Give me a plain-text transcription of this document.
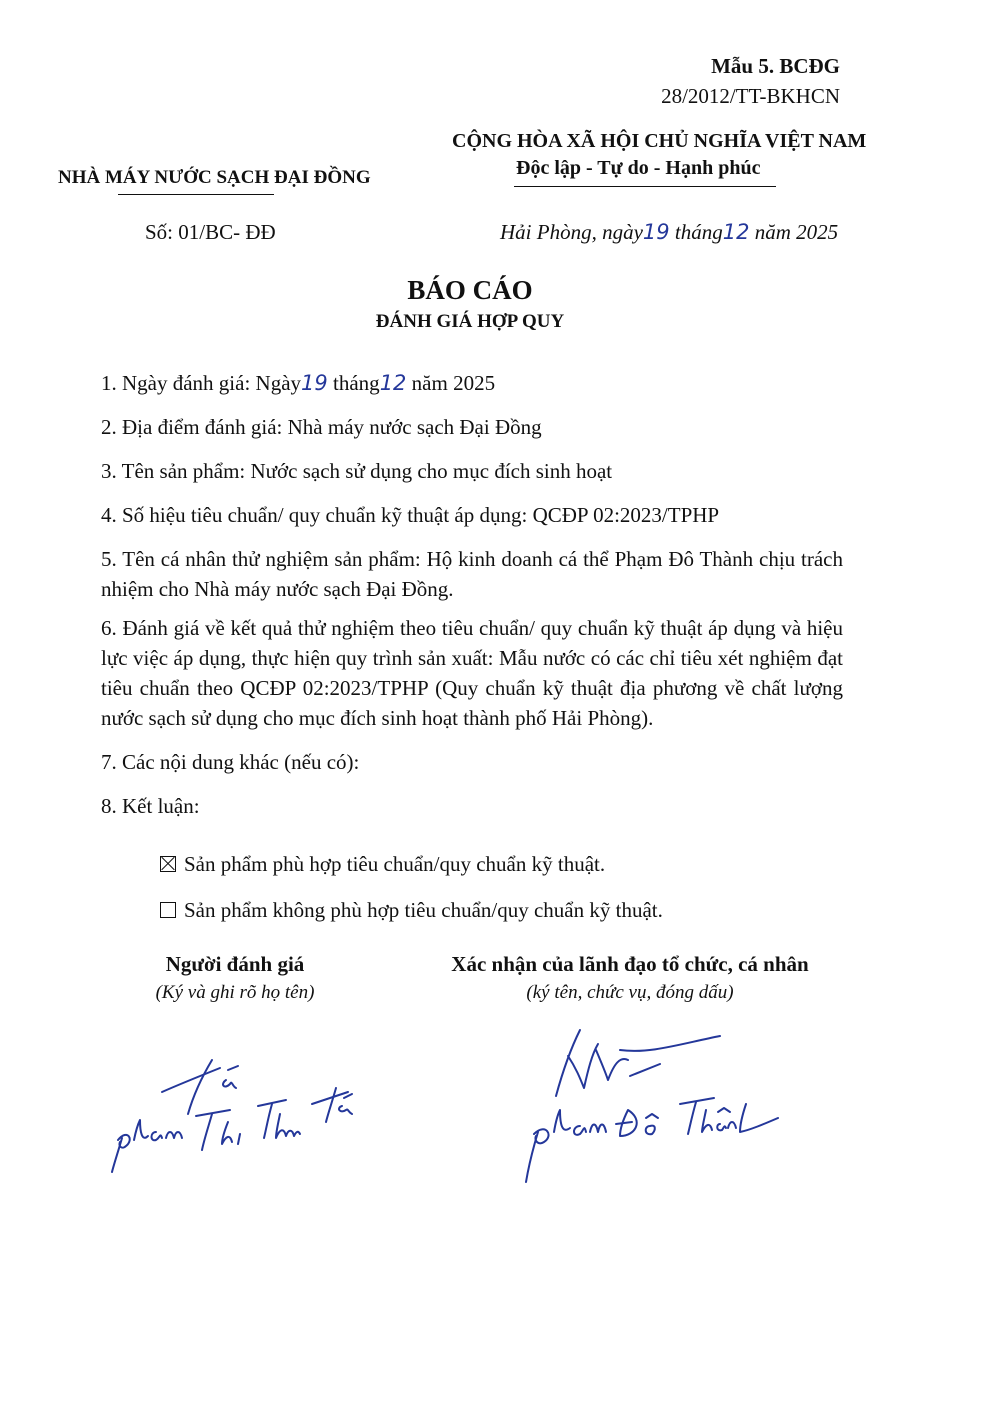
Mẫu 5. BCĐG
28/2012/TT-BKHCN
CỘNG HÒA XÃ HỘI CHỦ NGHĨA VIỆT NAM
Độc lập - Tự do - Hạnh phúc
NHÀ MÁY NƯỚC SẠCH ĐẠI ĐỒNG
Số: 01/BC- ĐĐ	Hải Phòng, ngày19 tháng12 năm 2025
BÁO CÁO
ĐÁNH GIÁ HỢP QUY
1. Ngày đánh giá: Ngày19 tháng12 năm 2025
2. Địa điểm đánh giá: Nhà máy nước sạch Đại Đồng
3. Tên sản phẩm: Nước sạch sử dụng cho mục đích sinh hoạt
4. Số hiệu tiêu chuẩn/ quy chuẩn kỹ thuật áp dụng: QCĐP 02:2023/TPHP
5. Tên cá nhân thử nghiệm sản phẩm: Hộ kinh doanh cá thể Phạm Đô Thành chịu trách nhiệm cho Nhà máy nước sạch Đại Đồng.
6. Đánh giá về kết quả thử nghiệm theo tiêu chuẩn/ quy chuẩn kỹ thuật áp dụng và hiệu lực việc áp dụng, thực hiện quy trình sản xuất: Mẫu nước có các chỉ tiêu xét nghiệm đạt tiêu chuẩn theo QCĐP 02:2023/TPHP (Quy chuẩn kỹ thuật địa phương về chất lượng nước sạch sử dụng cho mục đích sinh hoạt thành phố Hải Phòng).
7. Các nội dung khác (nếu có):
8. Kết luận:
Sản phẩm phù hợp tiêu chuẩn/quy chuẩn kỹ thuật.
Sản phẩm không phù hợp tiêu chuẩn/quy chuẩn kỹ thuật.
Người đánh giá
(Ký và ghi rõ họ tên)
Xác nhận của lãnh đạo tổ chức, cá nhân
(ký tên, chức vụ, đóng dấu)
